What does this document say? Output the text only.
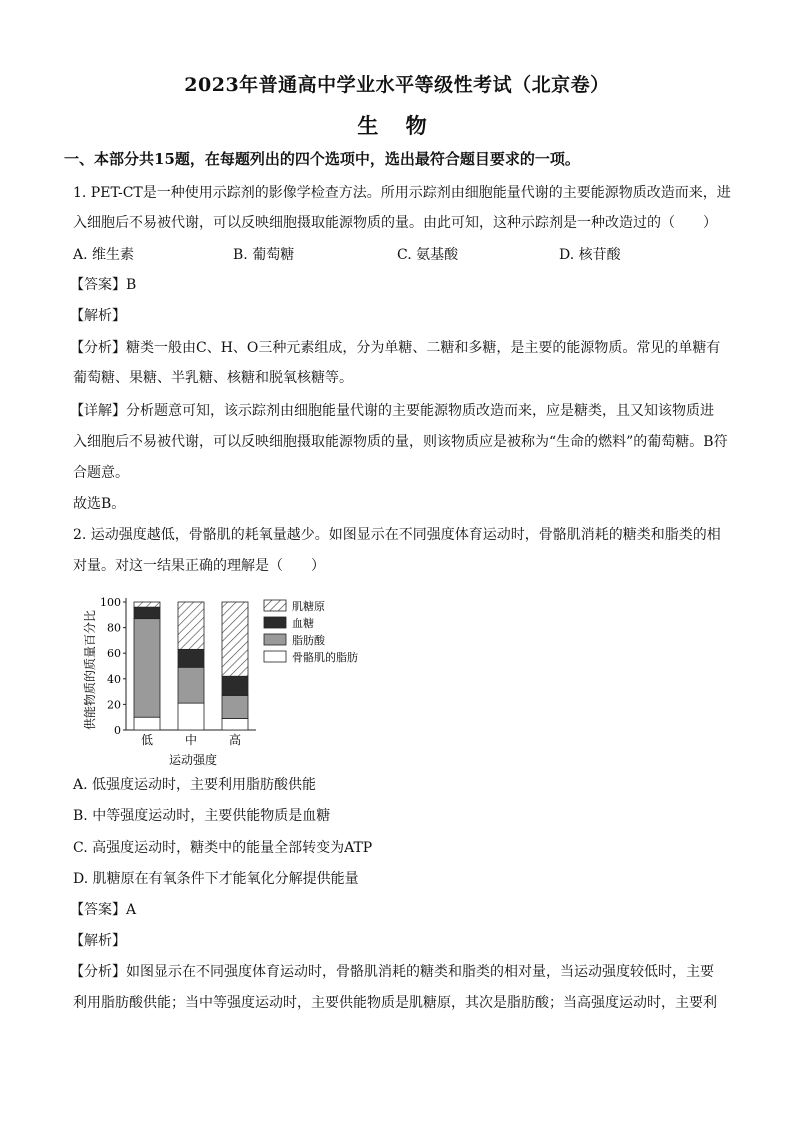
2023年普通高中学业水平等级性考试（北京卷）
生 物
一、本部分共15题，在每题列出的四个选项中，选出最符合题目要求的一项。
1. PET-CT是一种使用示踪剂的影像学检查方法。所用示踪剂由细胞能量代谢的主要能源物质改造而来，进
入细胞后不易被代谢，可以反映细胞摄取能源物质的量。由此可知，这种示踪剂是一种改造过的（　　）
A. 维生素	B. 葡萄糖	C. 氨基酸	D. 核苷酸
【答案】B
【解析】
【分析】糖类一般由C、H、O三种元素组成，分为单糖、二糖和多糖，是主要的能源物质。常见的单糖有
葡萄糖、果糖、半乳糖、核糖和脱氧核糖等。
【详解】分析题意可知，该示踪剂由细胞能量代谢的主要能源物质改造而来，应是糖类，且又知该物质进
入细胞后不易被代谢，可以反映细胞摄取能源物质的量，则该物质应是被称为“生命的燃料”的葡萄糖。B符
合题意。
故选B。
2. 运动强度越低，骨骼肌的耗氧量越少。如图显示在不同强度体育运动时，骨骼肌消耗的糖类和脂类的相
对量。对这一结果正确的理解是（　　）
供能物质的质量百分比
0
20
40
60
80
100
低	中	高
运动强度
肌糖原
血糖
脂肪酸
骨骼肌的脂肪
A. 低强度运动时，主要利用脂肪酸供能
B. 中等强度运动时，主要供能物质是血糖
C. 高强度运动时，糖类中的能量全部转变为ATP
D. 肌糖原在有氧条件下才能氧化分解提供能量
【答案】A
【解析】
【分析】如图显示在不同强度体育运动时，骨骼肌消耗的糖类和脂类的相对量，当运动强度较低时，主要
利用脂肪酸供能；当中等强度运动时，主要供能物质是肌糖原，其次是脂肪酸；当高强度运动时，主要利
